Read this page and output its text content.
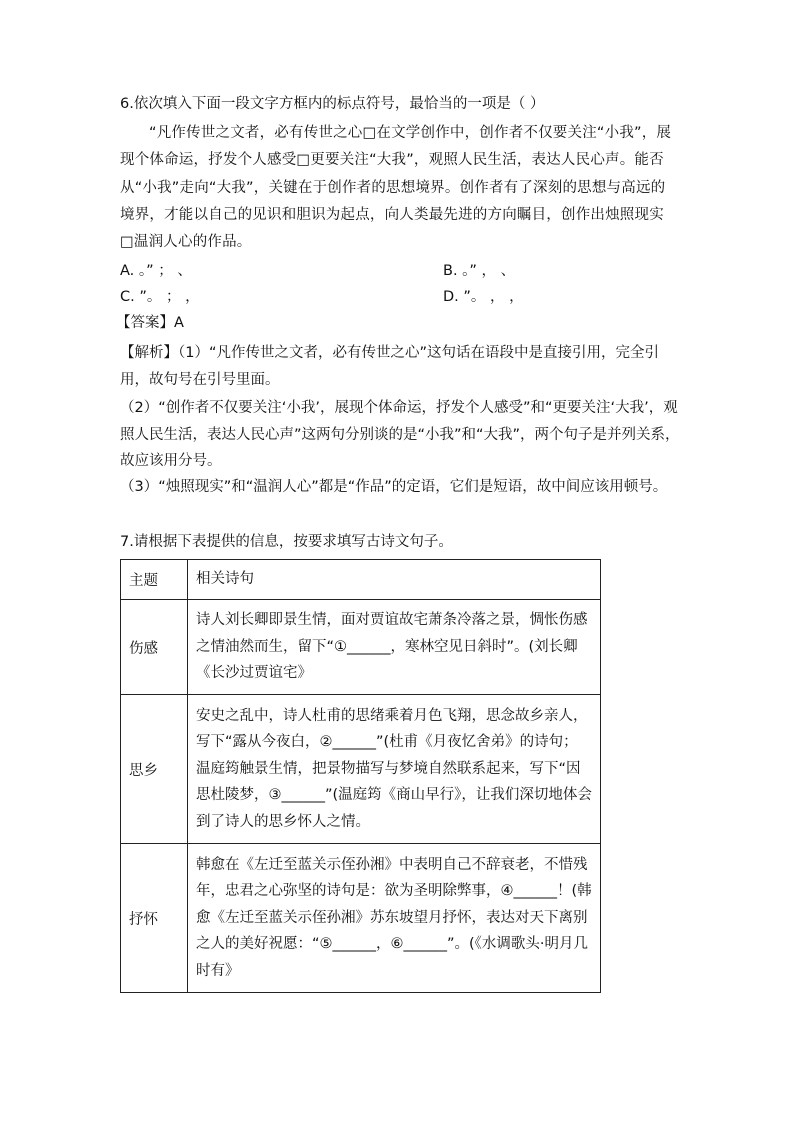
6.依次填入下面一段文字方框内的标点符号，最恰当的一项是（ ）
“凡作传世之文者，必有传世之心□在文学创作中，创作者不仅要关注“小我”，展现个体命运，抒发个人感受□更要关注“大我”，观照人民生活，表达人民心声。能否从“小我”走向“大我”，关键在于创作者的思想境界。创作者有了深刻的思想与高远的境界，才能以自己的见识和胆识为起点，向人类最先进的方向瞩目，创作出烛照现实□温润人心的作品。
A. 。” ； 、	B. 。” ， 、
C. ”。 ； ，	D. ”。 ， ，
【答案】A
【解析】（1）“凡作传世之文者，必有传世之心”这句话在语段中是直接引用，完全引用，故句号在引号里面。
（2）“创作者不仅要关注‘小我’，展现个体命运，抒发个人感受”和“更要关注‘大我’，观照人民生活，表达人民心声”这两句分别谈的是“小我”和“大我”，两个句子是并列关系，故应该用分号。
（3）“烛照现实”和“温润人心”都是“作品”的定语，它们是短语，故中间应该用顿号。
7.请根据下表提供的信息，按要求填写古诗文句子。
主题	相关诗句
伤感	诗人刘长卿即景生情，面对贾谊故宅萧条冷落之景，惆怅伤感之情油然而生，留下“①______，寒林空见日斜时”。(刘长卿《长沙过贾谊宅》
思乡	安史之乱中，诗人杜甫的思绪乘着月色飞翔，思念故乡亲人，写下“露从今夜白，②______”(杜甫《月夜忆舍弟》的诗句；温庭筠触景生情，把景物描写与梦境自然联系起来，写下“因思杜陵梦，③______”(温庭筠《商山早行》，让我们深切地体会到了诗人的思乡怀人之情。
抒怀	韩愈在《左迁至蓝关示侄孙湘》中表明自己不辞衰老，不惜残年，忠君之心弥坚的诗句是：欲为圣明除弊事，④______！(韩愈《左迁至蓝关示侄孙湘》苏东坡望月抒怀，表达对天下离别之人的美好祝愿：“⑤______，⑥______”。(《水调歌头·明月几时有》
